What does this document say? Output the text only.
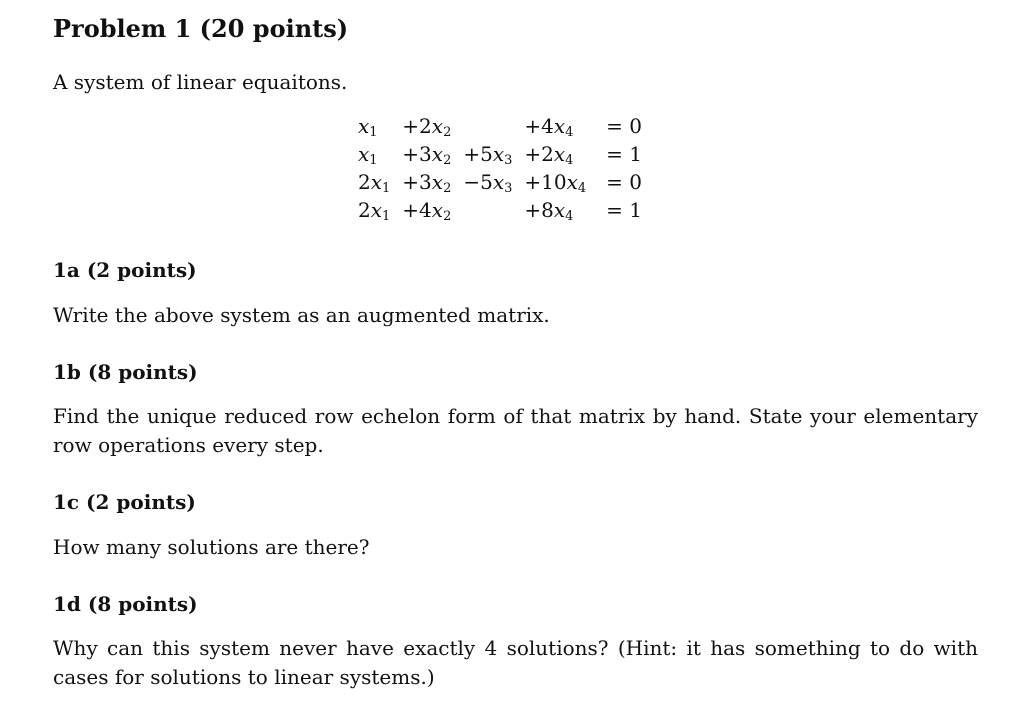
Problem 1 (20 points)
A system of linear equaitons.
$x_1$	$+2x_2$		$+4x_4$	= 0
$x_1$	$+3x_2$	$+5x_3$	$+2x_4$	= 1
$2x_1$	$+3x_2$	$-5x_3$	$+10x_4$	= 0
$2x_1$	$+4x_2$		$+8x_4$	= 1
1a (2 points)
Write the above system as an augmented matrix.
1b (8 points)
Find the unique reduced row echelon form of that matrix by hand. State your elementary
row operations every step.
1c (2 points)
How many solutions are there?
1d (8 points)
Why can this system never have exactly 4 solutions? (Hint: it has something to do with
cases for solutions to linear systems.)
